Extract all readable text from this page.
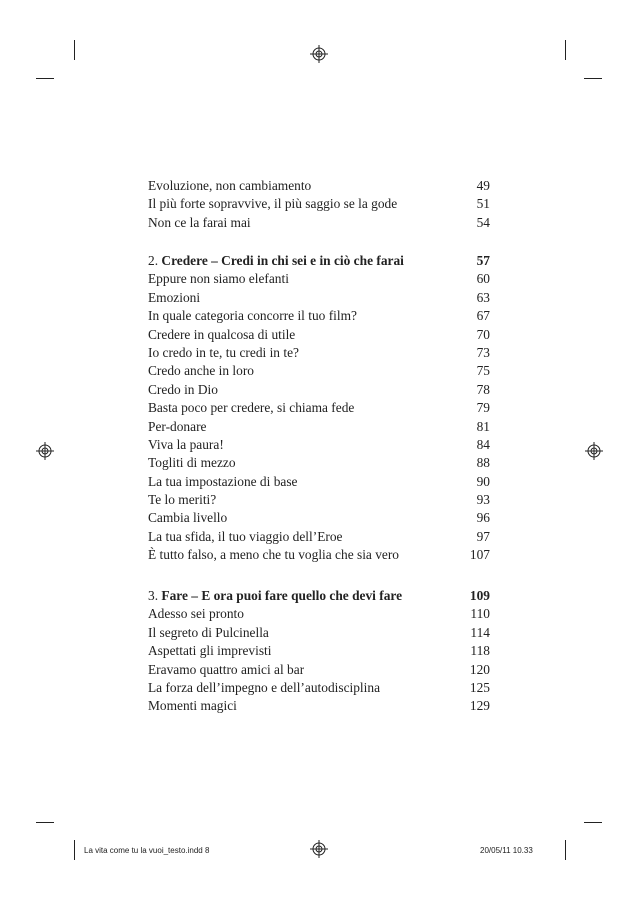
Evoluzione, non cambiamento	49
Il più forte sopravvive, il più saggio se la gode	51
Non ce la farai mai	54
2. Credere – Credi in chi sei e in ciò che farai	57
Eppure non siamo elefanti	60
Emozioni	63
In quale categoria concorre il tuo film?	67
Credere in qualcosa di utile	70
Io credo in te, tu credi in te?	73
Credo anche in loro	75
Credo in Dio	78
Basta poco per credere, si chiama fede	79
Per-donare	81
Viva la paura!	84
Togliti di mezzo	88
La tua impostazione di base	90
Te lo meriti?	93
Cambia livello	96
La tua sfida, il tuo viaggio dell’Eroe	97
È tutto falso, a meno che tu voglia che sia vero	107
3. Fare – E ora puoi fare quello che devi fare	109
Adesso sei pronto	110
Il segreto di Pulcinella	114
Aspettati gli imprevisti	118
Eravamo quattro amici al bar	120
La forza dell’impegno e dell’autodisciplina	125
Momenti magici	129
La vita come tu la vuoi_testo.indd 8	20/05/11 10.33
